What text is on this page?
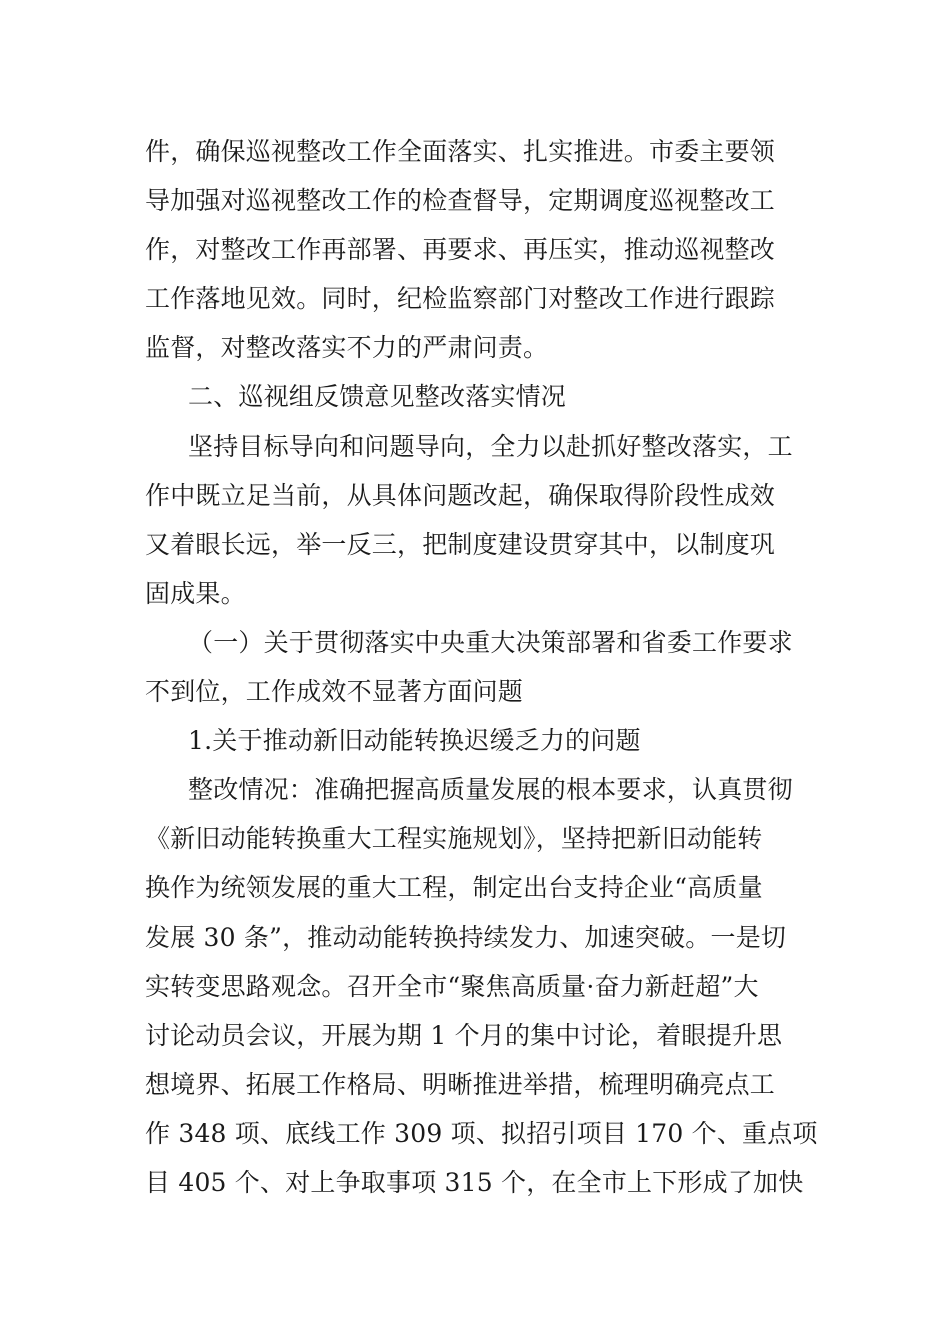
件，确保巡视整改工作全面落实、扎实推进。市委主要领
导加强对巡视整改工作的检查督导，定期调度巡视整改工
作，对整改工作再部署、再要求、再压实，推动巡视整改
工作落地见效。同时，纪检监察部门对整改工作进行跟踪
监督，对整改落实不力的严肃问责。
二、巡视组反馈意见整改落实情况
坚持目标导向和问题导向，全力以赴抓好整改落实，工
作中既立足当前，从具体问题改起，确保取得阶段性成效
又着眼长远，举一反三，把制度建设贯穿其中，以制度巩
固成果。
（一）关于贯彻落实中央重大决策部署和省委工作要求
不到位，工作成效不显著方面问题
1.关于推动新旧动能转换迟缓乏力的问题
整改情况：准确把握高质量发展的根本要求，认真贯彻
《新旧动能转换重大工程实施规划》，坚持把新旧动能转
换作为统领发展的重大工程，制定出台支持企业“高质量
发展 30 条”，推动动能转换持续发力、加速突破。一是切
实转变思路观念。召开全市“聚焦高质量·奋力新赶超”大
讨论动员会议，开展为期 1 个月的集中讨论，着眼提升思
想境界、拓展工作格局、明晰推进举措，梳理明确亮点工
作 348 项、底线工作 309 项、拟招引项目 170 个、重点项
目 405 个、对上争取事项 315 个，在全市上下形成了加快
